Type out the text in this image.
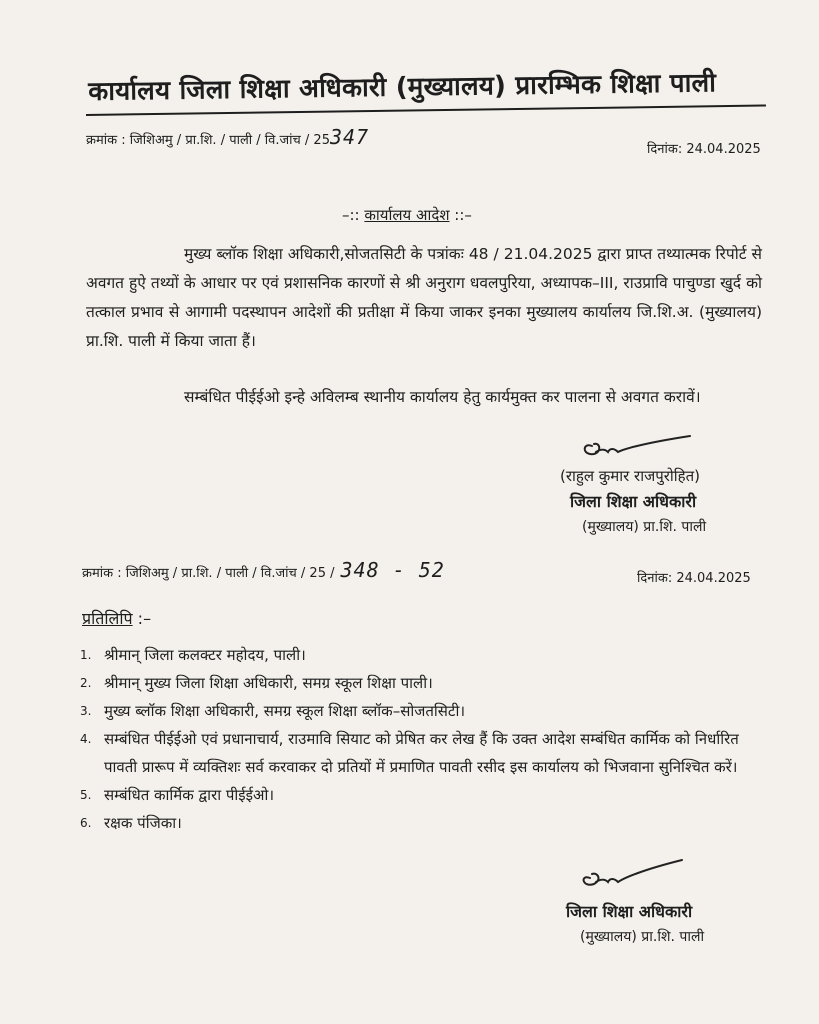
कार्यालय जिला शिक्षा अधिकारी (मुख्यालय) प्रारम्भिक शिक्षा पाली
क्रमांक : जिशिअमु / प्रा.शि. / पाली / वि.जांच / 25347
दिनांक: 24.04.2025
–:: कार्यालय आदेश ::–
मुख्य ब्लॉक शिक्षा अधिकारी,सोजतसिटी के पत्रांकः 48 / 21.04.2025 द्वारा प्राप्त तथ्यात्मक रिपोर्ट से अवगत हुऐ तथ्यों के आधार पर एवं प्रशासनिक कारणों से श्री अनुराग धवलपुरिया, अध्यापक–III, राउप्रावि पाचुण्डा खुर्द को तत्काल प्रभाव से आगामी पदस्थापन आदेशों की प्रतीक्षा में किया जाकर इनका मुख्यालय कार्यालय जि.शि.अ. (मुख्यालय) प्रा.शि. पाली में किया जाता हैं।
सम्बंधित पीईईओ इन्हे अविलम्ब स्थानीय कार्यालय हेतु कार्यमुक्त कर पालना से अवगत करावें।
(राहुल कुमार राजपुरोहित)
जिला शिक्षा अधिकारी
(मुख्यालय) प्रा.शि. पाली
क्रमांक : जिशिअमु / प्रा.शि. / पाली / वि.जांच / 25 / 348 - 52	दिनांक: 24.04.2025
प्रतिलिपि :–
1. श्रीमान् जिला कलक्टर महोदय, पाली।
2. श्रीमान् मुख्य जिला शिक्षा अधिकारी, समग्र स्कूल शिक्षा पाली।
3. मुख्य ब्लॉक शिक्षा अधिकारी, समग्र स्कूल शिक्षा ब्लॉक–सोजतसिटी।
4. सम्बंधित पीईईओ एवं प्रधानाचार्य, राउमावि सियाट को प्रेषित कर लेख हैं कि उक्त आदेश सम्बंधित कार्मिक को निर्धारित पावती प्रारूप में व्यक्तिशः सर्व करवाकर दो प्रतियों में प्रमाणित पावती रसीद इस कार्यालय को भिजवाना सुनिश्चित करें।
5. सम्बंधित कार्मिक द्वारा पीईईओ।
6. रक्षक पंजिका।
जिला शिक्षा अधिकारी
(मुख्यालय) प्रा.शि. पाली
